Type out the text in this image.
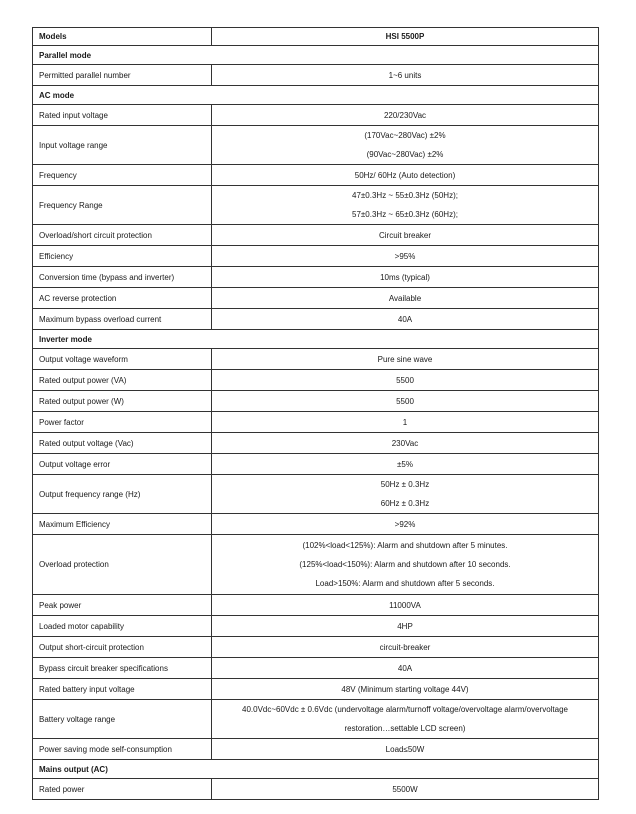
Models	HSI 5500P
Parallel mode	
Permitted parallel number	1~6 units

AC mode	
Rated input voltage	220/230Vac

Input voltage range	(170Vac~280Vac) ±2%
(90Vac~280Vac) ±2%

Frequency	50Hz/ 60Hz (Auto detection)

Frequency Range	47±0.3Hz ~ 55±0.3Hz (50Hz);
57±0.3Hz ~ 65±0.3Hz (60Hz);

Overload/short circuit protection	Circuit breaker

Efficiency	>95%

Conversion time (bypass and inverter)	10ms (typical)

AC reverse protection	Available

Maximum bypass overload current	40A

Inverter mode	
Output voltage waveform	Pure sine wave

Rated output power (VA)	5500

Rated output power (W)	5500

Power factor	1

Rated output voltage (Vac)	230Vac

Output voltage error	±5%

Output frequency range (Hz)	50Hz ± 0.3Hz
60Hz ± 0.3Hz

Maximum Efficiency	>92%

Overload protection	(102%<load<125%): Alarm and shutdown after 5 minutes.
(125%<load<150%): Alarm and shutdown after 10 seconds.
Load>150%: Alarm and shutdown after 5 seconds.

Peak power	11000VA

Loaded motor capability	4HP

Output short-circuit protection	circuit-breaker

Bypass circuit breaker specifications	40A

Rated battery input voltage	48V (Minimum starting voltage 44V)

Battery voltage range	40.0Vdc~60Vdc ± 0.6Vdc (undervoltage alarm/turnoff voltage/overvoltage alarm/overvoltage
restoration…settable LCD screen)

Power saving mode self-consumption	Load≤50W

Mains output (AC)	
Rated power	5500W
